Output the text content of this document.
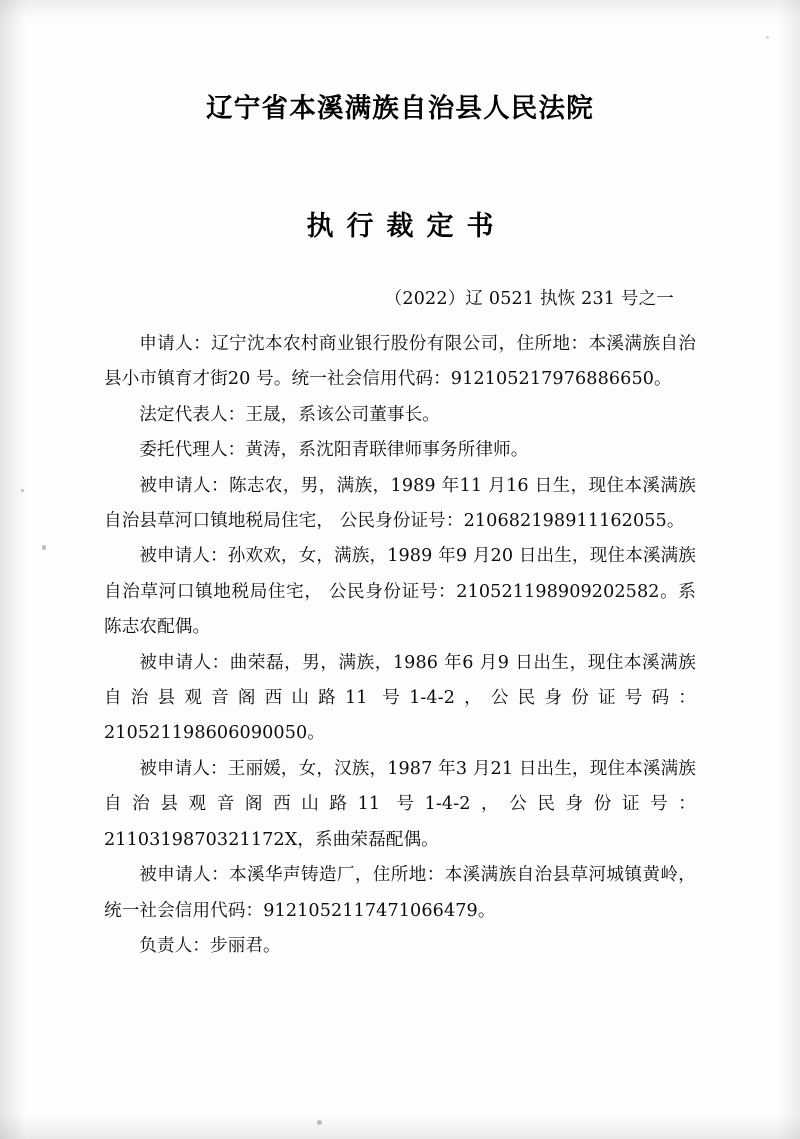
辽宁省本溪满族自治县人民法院
执行裁定书
（2022）辽 0521 执恢 231 号之一

申请人：辽宁沈本农村商业银行股份有限公司，住所地：本溪满族自治县小市镇育才街20 号。统一社会信用代码：912105217976886650。

法定代表人：王晟，系该公司董事长。

委托代理人：黄涛，系沈阳青联律师事务所律师。

被申请人：陈志农，男，满族，1989 年11 月16 日生，现住本溪满族自治县草河口镇地税局住宅， 公民身份证号：210682198911162055。

被申请人：孙欢欢，女，满族，1989 年9 月20 日出生，现住本溪满族自治草河口镇地税局住宅， 公民身份证号：210521198909202582。系陈志农配偶。

被申请人：曲荣磊，男，满族，1986 年6 月9 日出生，现住本溪满族自治县观音阁西山路11 号1-4-2，公民身份证号码：210521198606090050。

被申请人：王丽媛，女，汉族，1987 年3 月21 日出生，现住本溪满族自治县观音阁西山路11 号1-4-2，公民身份证号：2110319870321172X，系曲荣磊配偶。

被申请人：本溪华声铸造厂，住所地：本溪满族自治县草河城镇黄岭，统一社会信用代码：9121052117471066479。

负责人：步丽君。
